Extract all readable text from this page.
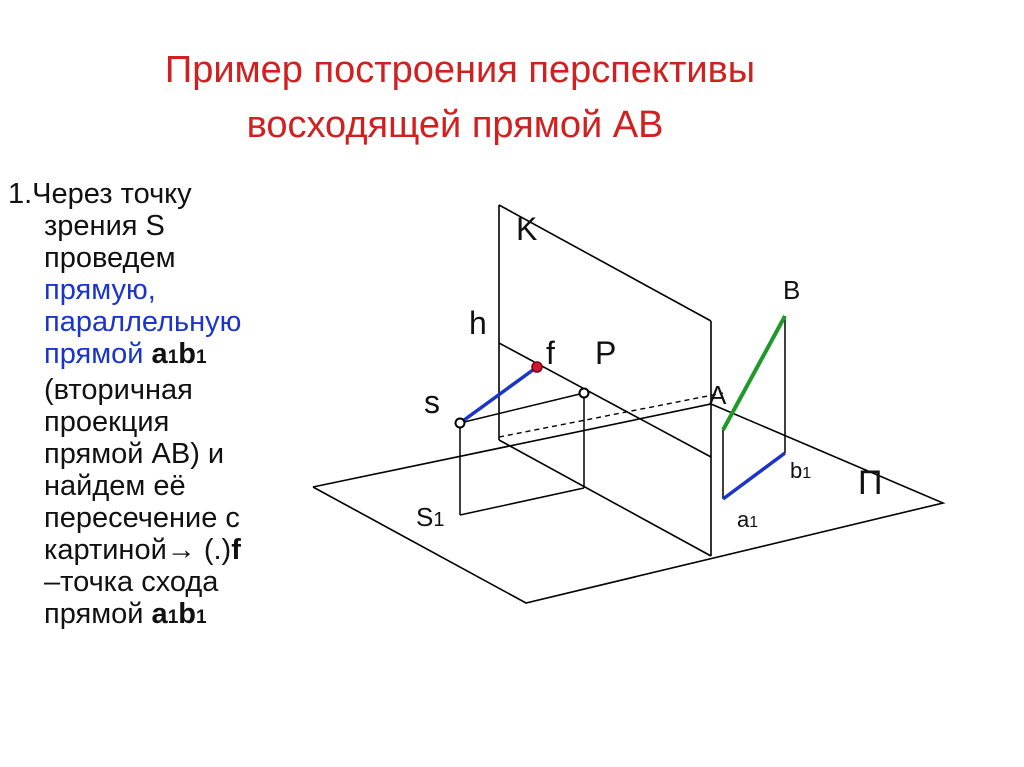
Пример построения перспективы
восходящей прямой АВ
1.Через точку
зрения S
проведем
прямую,
параллельную
прямой a1b1
(вторичная
проекция
прямой АВ) и
найдем её
пересечение с
картиной→ (.)f
–точка схода
прямой a1b1
K
h
f P
s
S1
B
A
b1
a1
П
